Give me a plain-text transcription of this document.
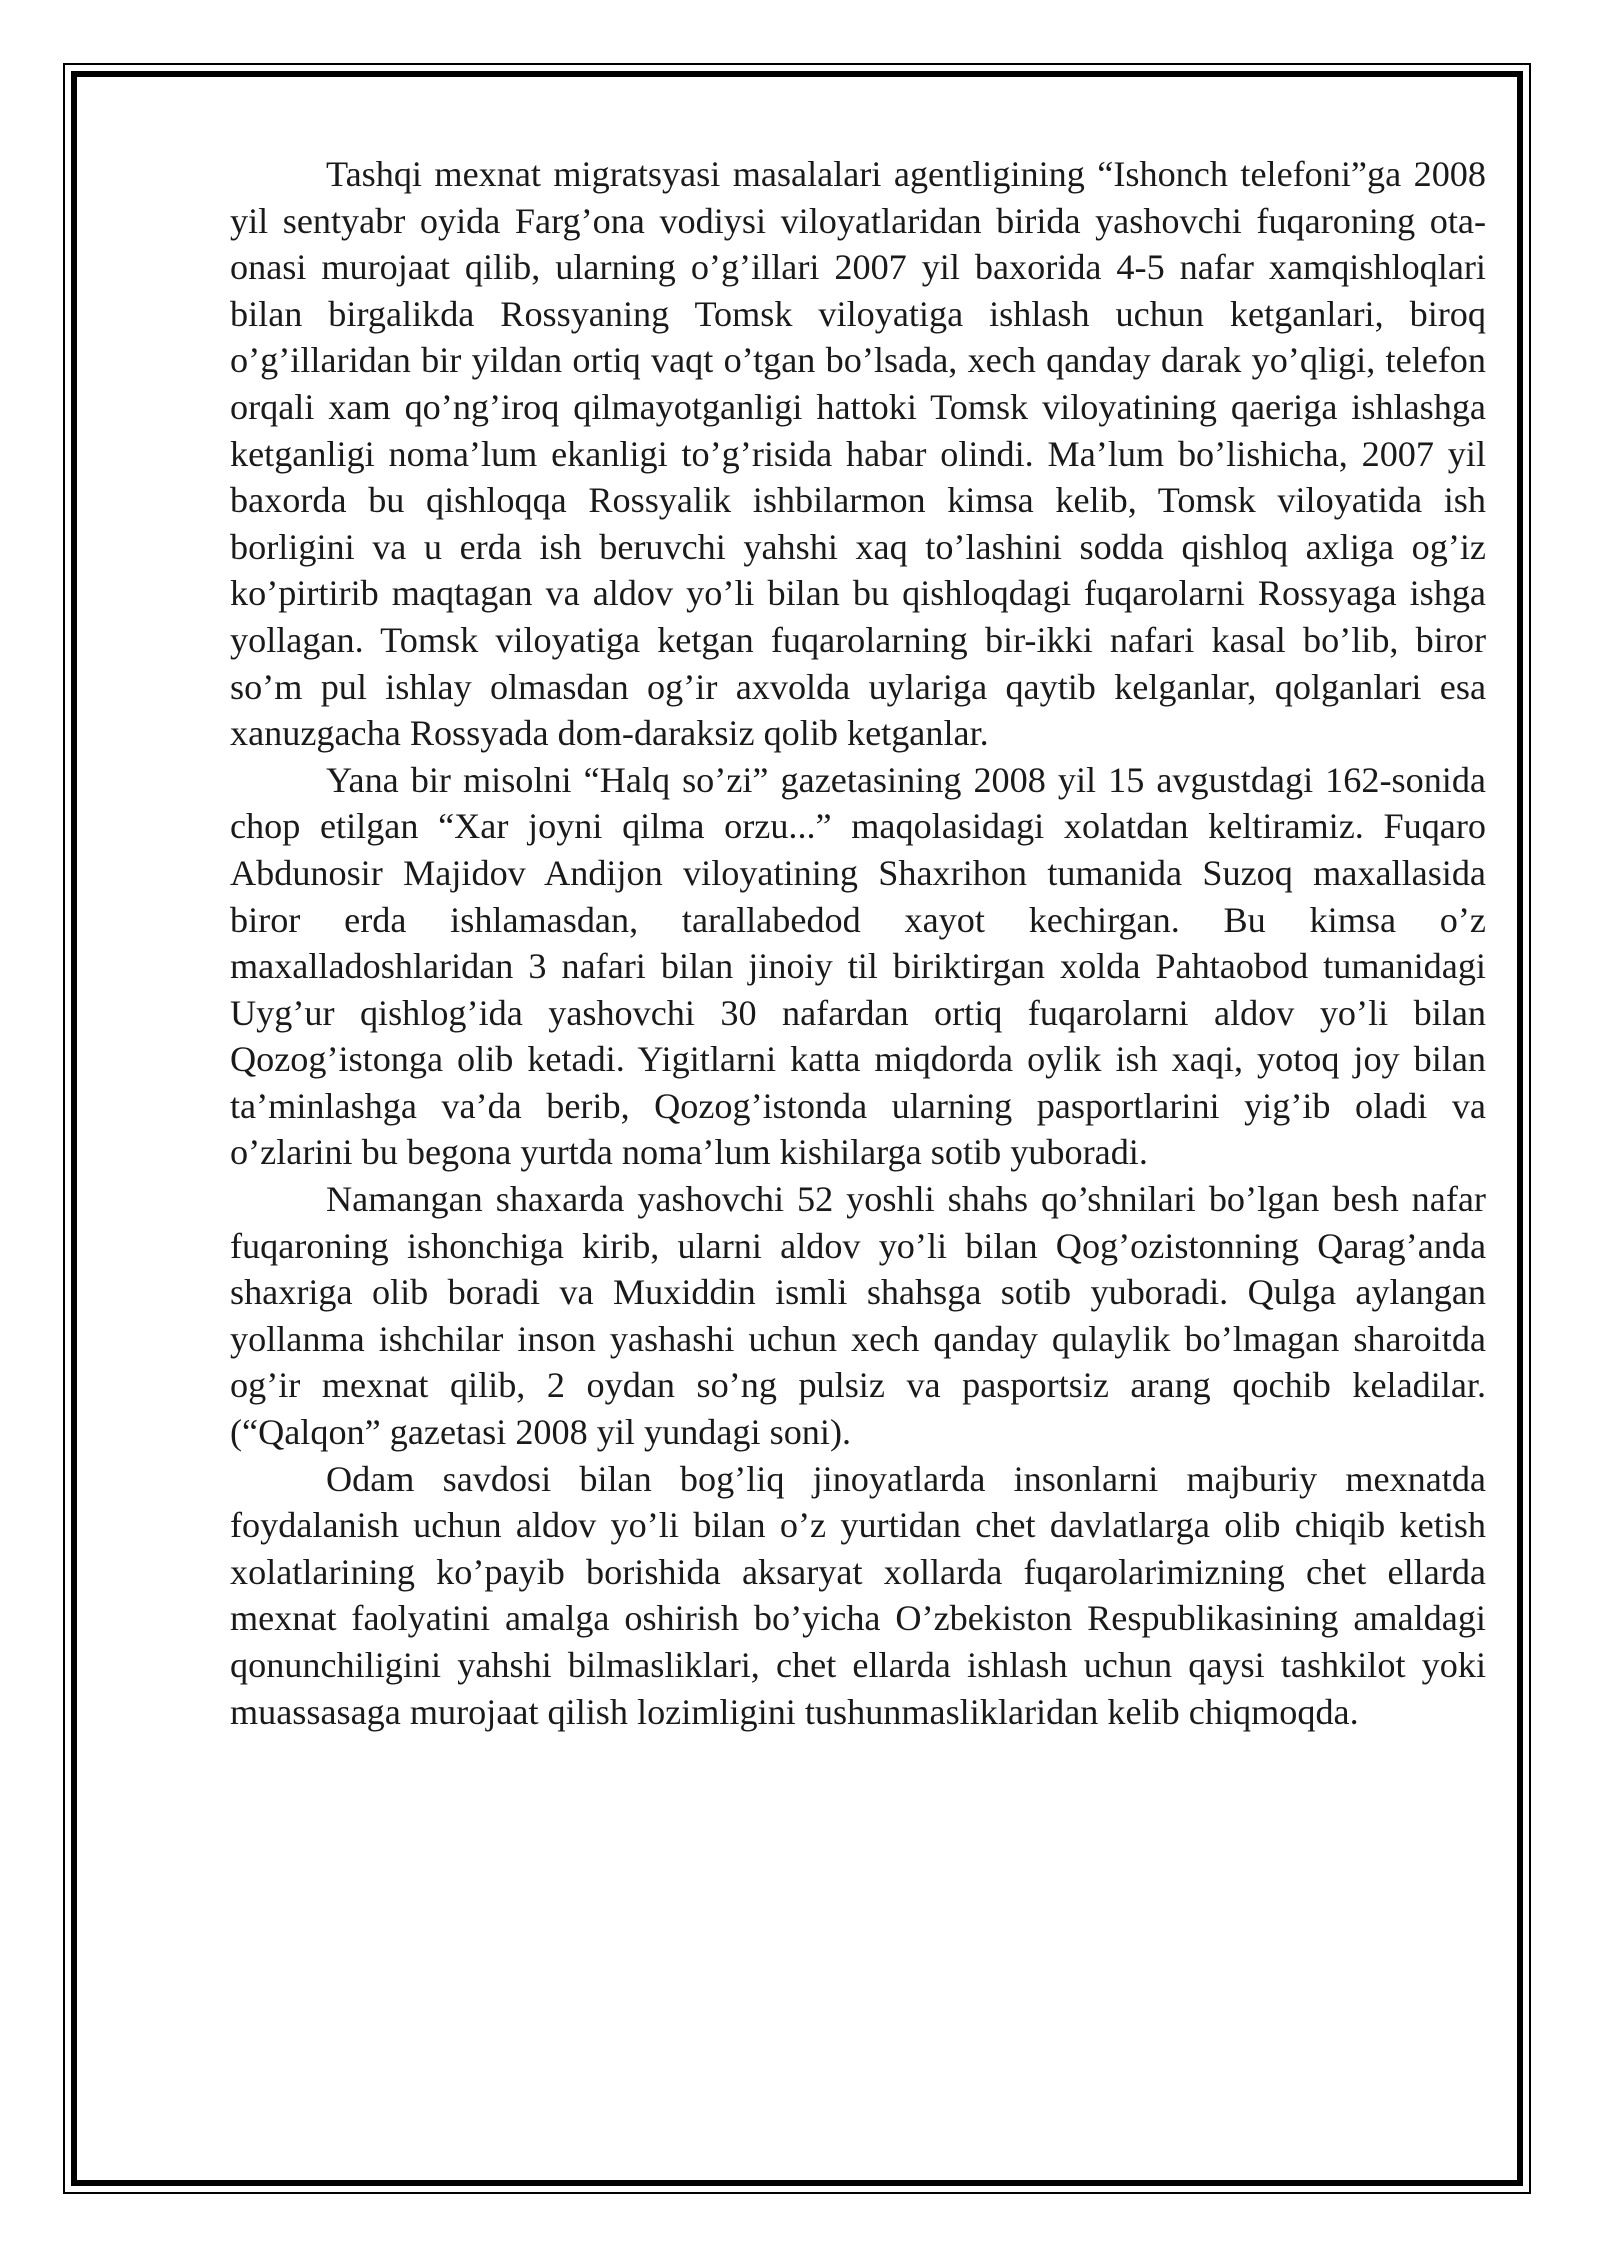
Tashqi mexnat migratsyasi masalalari agentligining “Ishonch telefoni”ga 2008 yil sentyabr oyida Farg’ona vodiysi viloyatlaridan birida yashovchi fuqaroning ota-onasi murojaat qilib, ularning o’g’illari 2007 yil baxorida 4-5 nafar xamqishloqlari bilan birgalikda Rossyaning Tomsk viloyatiga ishlash uchun ketganlari, biroq o’g’illaridan bir yildan ortiq vaqt o’tgan bo’lsada, xech qanday darak yo’qligi, telefon orqali xam qo’ng’iroq qilmayotganligi hattoki Tomsk viloyatining qaeriga ishlashga ketganligi noma’lum ekanligi to’g’risida habar olindi. Ma’lum bo’lishicha, 2007 yil baxorda bu qishloqqa Rossyalik ishbilarmon kimsa kelib, Tomsk viloyatida ish borligini va u erda ish beruvchi yahshi xaq to’lashini sodda qishloq axliga og’iz ko’pirtirib maqtagan va aldov yo’li bilan bu qishloqdagi fuqarolarni Rossyaga ishga yollagan. Tomsk viloyatiga ketgan fuqarolarning bir-ikki nafari kasal bo’lib, biror so’m pul ishlay olmasdan og’ir axvolda uylariga qaytib kelganlar, qolganlari esa xanuzgacha Rossyada dom-daraksiz qolib ketganlar.

Yana bir misolni “Halq so’zi” gazetasining 2008 yil 15 avgustdagi 162-sonida chop etilgan “Xar joyni qilma orzu...” maqolasidagi xolatdan keltiramiz. Fuqaro Abdunosir Majidov Andijon viloyatining Shaxrihon tumanida Suzoq maxallasida biror erda ishlamasdan, tarallabedod xayot kechirgan. Bu kimsa o’z maxalladoshlaridan 3 nafari bilan jinoiy til biriktirgan xolda Pahtaobod tumanidagi Uyg’ur qishlog’ida yashovchi 30 nafardan ortiq fuqarolarni aldov yo’li bilan Qozog’istonga olib ketadi. Yigitlarni katta miqdorda oylik ish xaqi, yotoq joy bilan ta’minlashga va’da berib, Qozog’istonda ularning pasportlarini yig’ib oladi va o’zlarini bu begona yurtda noma’lum kishilarga sotib yuboradi.

Namangan shaxarda yashovchi 52 yoshli shahs qo’shnilari bo’lgan besh nafar fuqaroning ishonchiga kirib, ularni aldov yo’li bilan Qog’ozistonning Qarag’anda shaxriga olib boradi va Muxiddin ismli shahsga sotib yuboradi. Qulga aylangan yollanma ishchilar inson yashashi uchun xech qanday qulaylik bo’lmagan sharoitda og’ir mexnat qilib, 2 oydan so’ng pulsiz va pasportsiz arang qochib keladilar. (“Qalqon” gazetasi 2008 yil yundagi soni).

Odam savdosi bilan bog’liq jinoyatlarda insonlarni majburiy mexnatda foydalanish uchun aldov yo’li bilan o’z yurtidan chet davlatlarga olib chiqib ketish xolatlarining ko’payib borishida aksaryat xollarda fuqarolarimizning chet ellarda mexnat faolyatini amalga oshirish bo’yicha O’zbekiston Respublikasining amaldagi qonunchiligini yahshi bilmasliklari, chet ellarda ishlash uchun qaysi tashkilot yoki muassasaga murojaat qilish lozimligini tushunmasliklaridan kelib chiqmoqda.
